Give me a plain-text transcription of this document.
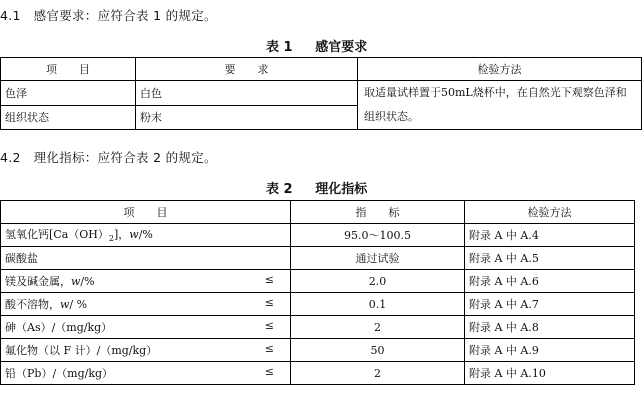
4.1 感官要求：应符合表 1 的规定。
表 1 感官要求
项　　目	要　　求	检验方法
色泽	白色	取适量试样置于50mL烧杯中，在自然光下观察色泽和组织状态。
组织状态	粉末	
4.2 理化指标：应符合表 2 的规定。
表 2 理化指标
项　　目	指　　标	检验方法
氢氧化钙$[Ca(OH)_2]$，w/%	95.0～100.5	附录 A 中 A.4
碳酸盐	通过试验	附录 A 中 A.5
镁及碱金属，w/% ≤	2.0	附录 A 中 A.6
酸不溶物，w/ % ≤	0.1	附录 A 中 A.7
砷（As）/（mg/kg） ≤	2	附录 A 中 A.8
氟化物（以 F 计）/（mg/kg） ≤	50	附录 A 中 A.9
铅（Pb）/（mg/kg） ≤	2	附录 A 中 A.10
